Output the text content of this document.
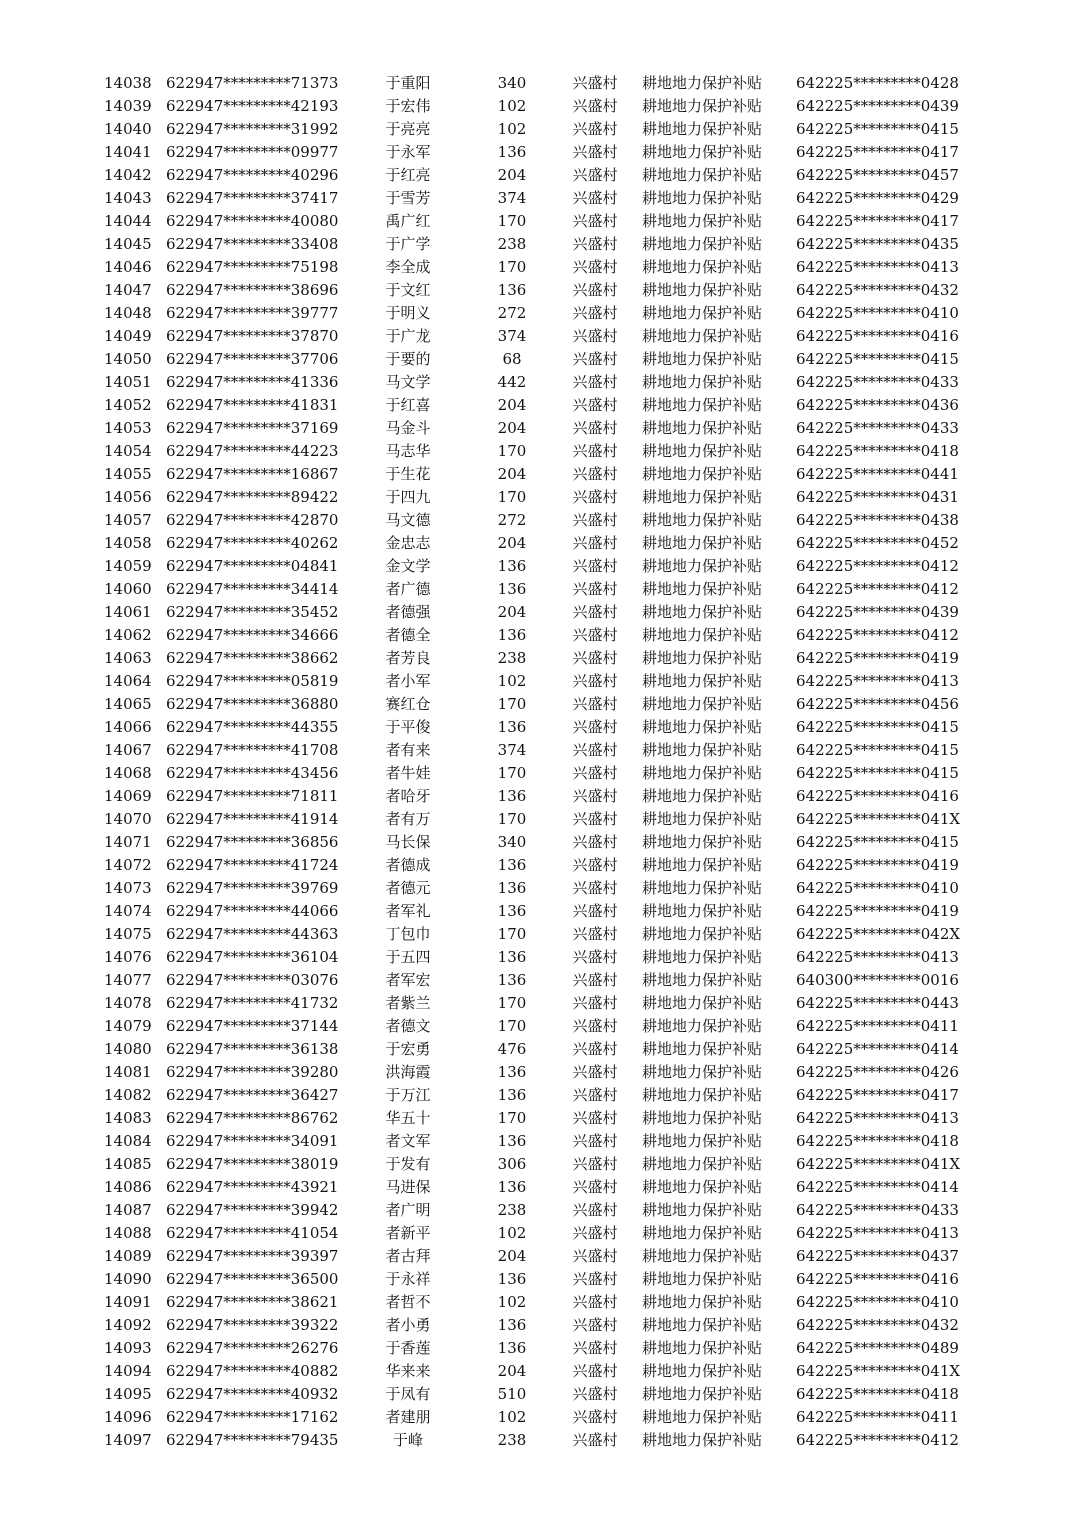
14038 622947*********71373	于重阳	340	兴盛村	耕地地力保护补贴	642225*********0428
14039 622947*********42193	于宏伟	102	兴盛村	耕地地力保护补贴	642225*********0439
14040 622947*********31992	于亮亮	102	兴盛村	耕地地力保护补贴	642225*********0415
14041 622947*********09977	于永军	136	兴盛村	耕地地力保护补贴	642225*********0417
14042 622947*********40296	于红亮	204	兴盛村	耕地地力保护补贴	642225*********0457
14043 622947*********37417	于雪芳	374	兴盛村	耕地地力保护补贴	642225*********0429
14044 622947*********40080	禹广红	170	兴盛村	耕地地力保护补贴	642225*********0417
14045 622947*********33408	于广学	238	兴盛村	耕地地力保护补贴	642225*********0435
14046 622947*********75198	李全成	170	兴盛村	耕地地力保护补贴	642225*********0413
14047 622947*********38696	于文红	136	兴盛村	耕地地力保护补贴	642225*********0432
14048 622947*********39777	于明义	272	兴盛村	耕地地力保护补贴	642225*********0410
14049 622947*********37870	于广龙	374	兴盛村	耕地地力保护补贴	642225*********0416
14050 622947*********37706	于要的	68	兴盛村	耕地地力保护补贴	642225*********0415
14051 622947*********41336	马文学	442	兴盛村	耕地地力保护补贴	642225*********0433
14052 622947*********41831	于红喜	204	兴盛村	耕地地力保护补贴	642225*********0436
14053 622947*********37169	马金斗	204	兴盛村	耕地地力保护补贴	642225*********0433
14054 622947*********44223	马志华	170	兴盛村	耕地地力保护补贴	642225*********0418
14055 622947*********16867	于生花	204	兴盛村	耕地地力保护补贴	642225*********0441
14056 622947*********89422	于四九	170	兴盛村	耕地地力保护补贴	642225*********0431
14057 622947*********42870	马文德	272	兴盛村	耕地地力保护补贴	642225*********0438
14058 622947*********40262	金忠志	204	兴盛村	耕地地力保护补贴	642225*********0452
14059 622947*********04841	金文学	136	兴盛村	耕地地力保护补贴	642225*********0412
14060 622947*********34414	者广德	136	兴盛村	耕地地力保护补贴	642225*********0412
14061 622947*********35452	者德强	204	兴盛村	耕地地力保护补贴	642225*********0439
14062 622947*********34666	者德全	136	兴盛村	耕地地力保护补贴	642225*********0412
14063 622947*********38662	者芳良	238	兴盛村	耕地地力保护补贴	642225*********0419
14064 622947*********05819	者小军	102	兴盛村	耕地地力保护补贴	642225*********0413
14065 622947*********36880	赛红仓	170	兴盛村	耕地地力保护补贴	642225*********0456
14066 622947*********44355	于平俊	136	兴盛村	耕地地力保护补贴	642225*********0415
14067 622947*********41708	者有来	374	兴盛村	耕地地力保护补贴	642225*********0415
14068 622947*********43456	者牛娃	170	兴盛村	耕地地力保护补贴	642225*********0415
14069 622947*********71811	者哈牙	136	兴盛村	耕地地力保护补贴	642225*********0416
14070 622947*********41914	者有万	170	兴盛村	耕地地力保护补贴	642225*********041X
14071 622947*********36856	马长保	340	兴盛村	耕地地力保护补贴	642225*********0415
14072 622947*********41724	者德成	136	兴盛村	耕地地力保护补贴	642225*********0419
14073 622947*********39769	者德元	136	兴盛村	耕地地力保护补贴	642225*********0410
14074 622947*********44066	者军礼	136	兴盛村	耕地地力保护补贴	642225*********0419
14075 622947*********44363	丁包巾	170	兴盛村	耕地地力保护补贴	642225*********042X
14076 622947*********36104	于五四	136	兴盛村	耕地地力保护补贴	642225*********0413
14077 622947*********03076	者军宏	136	兴盛村	耕地地力保护补贴	640300*********0016
14078 622947*********41732	者紫兰	170	兴盛村	耕地地力保护补贴	642225*********0443
14079 622947*********37144	者德文	170	兴盛村	耕地地力保护补贴	642225*********0411
14080 622947*********36138	于宏勇	476	兴盛村	耕地地力保护补贴	642225*********0414
14081 622947*********39280	洪海霞	136	兴盛村	耕地地力保护补贴	642225*********0426
14082 622947*********36427	于万江	136	兴盛村	耕地地力保护补贴	642225*********0417
14083 622947*********86762	华五十	170	兴盛村	耕地地力保护补贴	642225*********0413
14084 622947*********34091	者文军	136	兴盛村	耕地地力保护补贴	642225*********0418
14085 622947*********38019	于发有	306	兴盛村	耕地地力保护补贴	642225*********041X
14086 622947*********43921	马进保	136	兴盛村	耕地地力保护补贴	642225*********0414
14087 622947*********39942	者广明	238	兴盛村	耕地地力保护补贴	642225*********0433
14088 622947*********41054	者新平	102	兴盛村	耕地地力保护补贴	642225*********0413
14089 622947*********39397	者古拜	204	兴盛村	耕地地力保护补贴	642225*********0437
14090 622947*********36500	于永祥	136	兴盛村	耕地地力保护补贴	642225*********0416
14091 622947*********38621	者哲不	102	兴盛村	耕地地力保护补贴	642225*********0410
14092 622947*********39322	者小勇	136	兴盛村	耕地地力保护补贴	642225*********0432
14093 622947*********26276	于香莲	136	兴盛村	耕地地力保护补贴	642225*********0489
14094 622947*********40882	华来来	204	兴盛村	耕地地力保护补贴	642225*********041X
14095 622947*********40932	于凤有	510	兴盛村	耕地地力保护补贴	642225*********0418
14096 622947*********17162	者建朋	102	兴盛村	耕地地力保护补贴	642225*********0411
14097 622947*********79435	于峰	238	兴盛村	耕地地力保护补贴	642225*********0412
